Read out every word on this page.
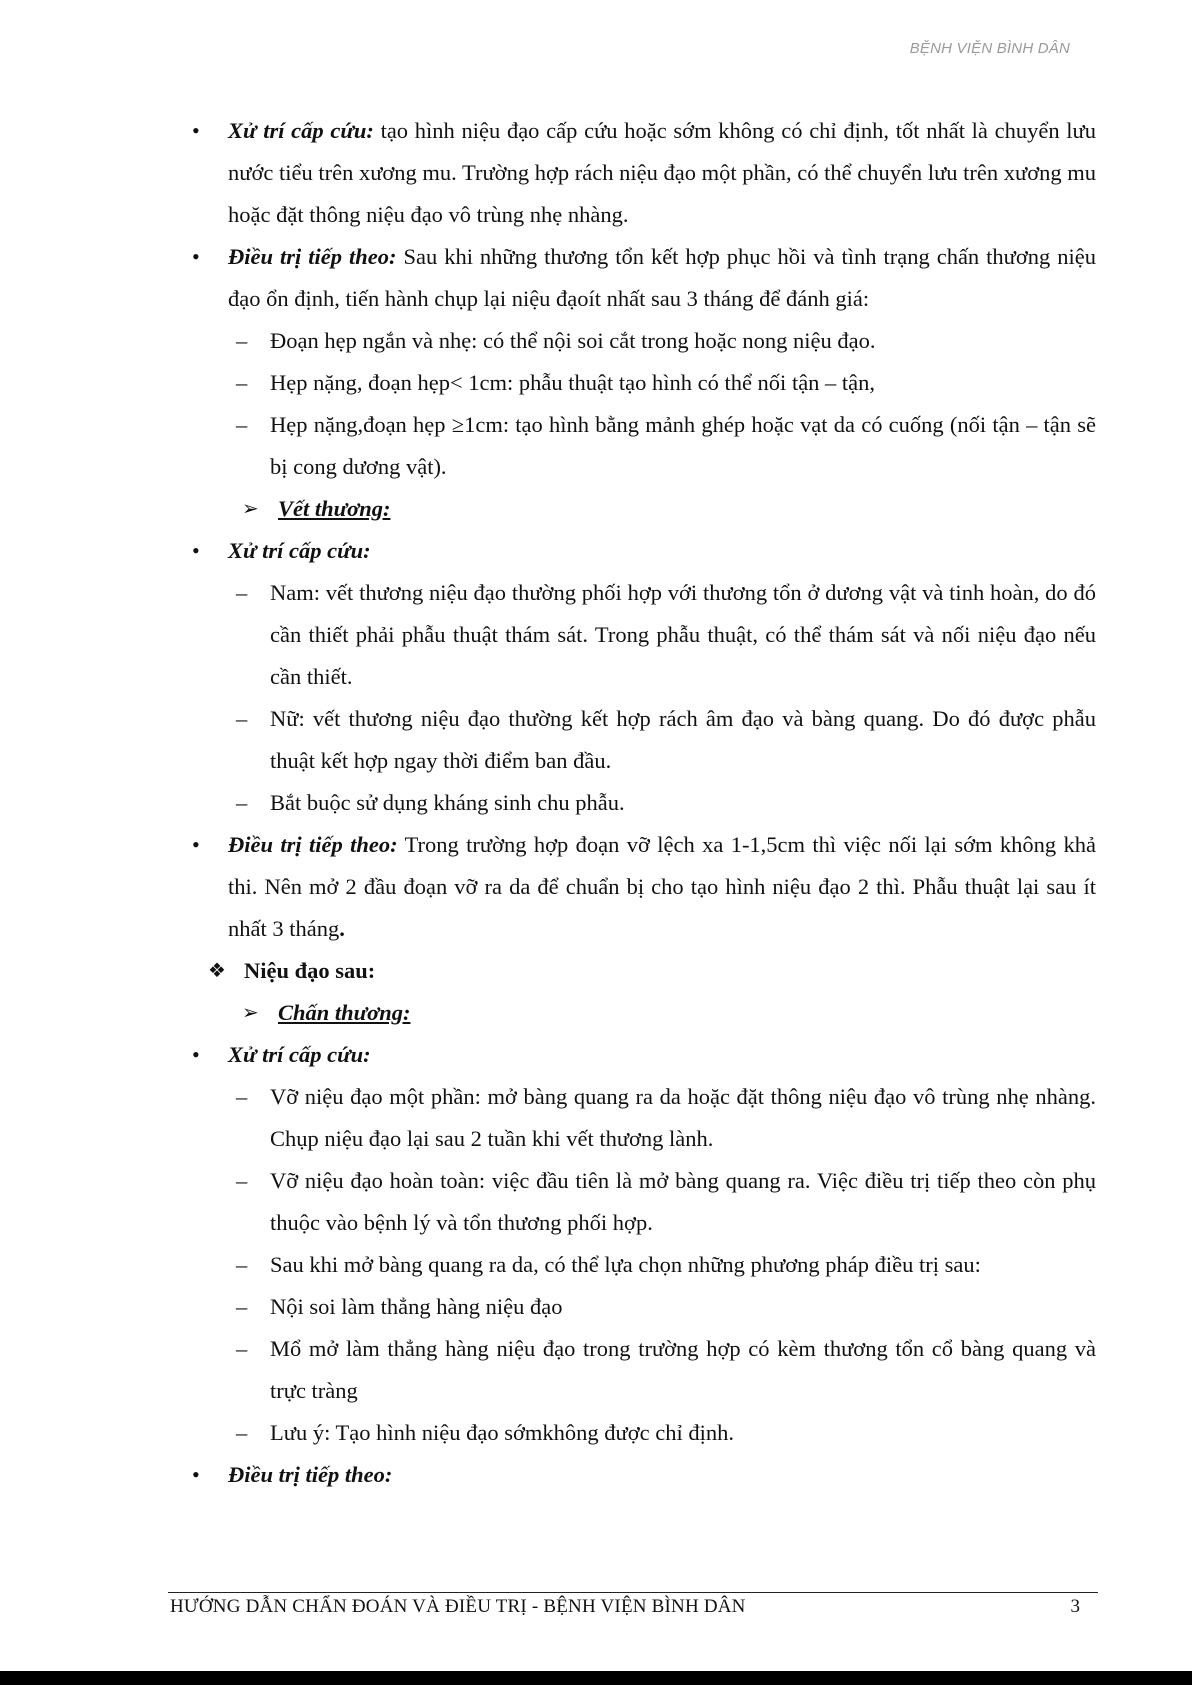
BỆNH VIỆN BÌNH DÂN
• Xử trí cấp cứu: tạo hình niệu đạo cấp cứu hoặc sớm không có chỉ định, tốt nhất là chuyển lưu nước tiểu trên xương mu. Trường hợp rách niệu đạo một phần, có thể chuyển lưu trên xương mu hoặc đặt thông niệu đạo vô trùng nhẹ nhàng.
• Điều trị tiếp theo: Sau khi những thương tổn kết hợp phục hồi và tình trạng chấn thương niệu đạo ổn định, tiến hành chụp lại niệu đạoít nhất sau 3 tháng để đánh giá:
– Đoạn hẹp ngắn và nhẹ: có thể nội soi cắt trong hoặc nong niệu đạo.
– Hẹp nặng, đoạn hẹp< 1cm: phẫu thuật tạo hình có thể nối tận – tận,
– Hẹp nặng,đoạn hẹp ≥1cm: tạo hình bằng mảnh ghép hoặc vạt da có cuống (nối tận – tận sẽ bị cong dương vật).
➢ Vết thương:
• Xử trí cấp cứu:
– Nam: vết thương niệu đạo thường phối hợp với thương tổn ở dương vật và tinh hoàn, do đó cần thiết phải phẫu thuật thám sát. Trong phẫu thuật, có thể thám sát và nối niệu đạo nếu cần thiết.
– Nữ: vết thương niệu đạo thường kết hợp rách âm đạo và bàng quang. Do đó được phẫu thuật kết hợp ngay thời điểm ban đầu.
– Bắt buộc sử dụng kháng sinh chu phẫu.
• Điều trị tiếp theo: Trong trường hợp đoạn vỡ lệch xa 1-1,5cm thì việc nối lại sớm không khả thi. Nên mở 2 đầu đoạn vỡ ra da để chuẩn bị cho tạo hình niệu đạo 2 thì. Phẫu thuật lại sau ít nhất 3 tháng.
❖ Niệu đạo sau:
➢ Chấn thương:
• Xử trí cấp cứu:
– Vỡ niệu đạo một phần: mở bàng quang ra da hoặc đặt thông niệu đạo vô trùng nhẹ nhàng. Chụp niệu đạo lại sau 2 tuần khi vết thương lành.
– Vỡ niệu đạo hoàn toàn: việc đầu tiên là mở bàng quang ra. Việc điều trị tiếp theo còn phụ thuộc vào bệnh lý và tổn thương phối hợp.
– Sau khi mở bàng quang ra da, có thể lựa chọn những phương pháp điều trị sau:
– Nội soi làm thẳng hàng niệu đạo
– Mổ mở làm thẳng hàng niệu đạo trong trường hợp có kèm thương tổn cổ bàng quang và trực tràng
– Lưu ý: Tạo hình niệu đạo sớmkhông được chỉ định.
• Điều trị tiếp theo:
HƯỚNG DẪN CHẨN ĐOÁN VÀ ĐIỀU TRỊ - BỆNH VIỆN BÌNH DÂN	3
